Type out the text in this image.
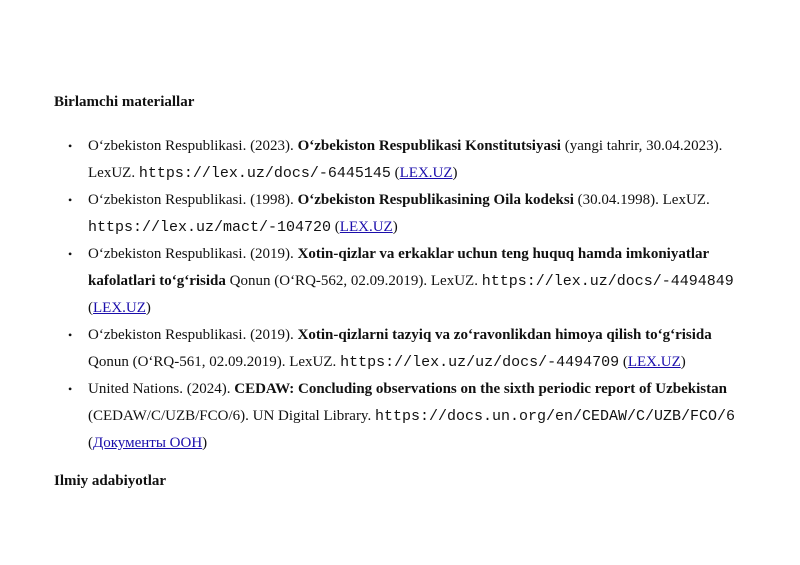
Birlamchi materiallar
• O‘zbekiston Respublikasi. (2023). O‘zbekiston Respublikasi Konstitutsiyasi (yangi tahrir, 30.04.2023). LexUZ. https://lex.uz/docs/-6445145 (LEX.UZ)
• O‘zbekiston Respublikasi. (1998). O‘zbekiston Respublikasining Oila kodeksi (30.04.1998). LexUZ. https://lex.uz/mact/-104720 (LEX.UZ)
• O‘zbekiston Respublikasi. (2019). Xotin-qizlar va erkaklar uchun teng huquq hamda imkoniyatlar kafolatlari to‘g‘risida Qonun (O‘RQ-562, 02.09.2019). LexUZ. https://lex.uz/docs/-4494849 (LEX.UZ)
• O‘zbekiston Respublikasi. (2019). Xotin-qizlarni tazyiq va zo‘ravonlikdan himoya qilish to‘g‘risida Qonun (O‘RQ-561, 02.09.2019). LexUZ. https://lex.uz/uz/docs/-4494709 (LEX.UZ)
• United Nations. (2024). CEDAW: Concluding observations on the sixth periodic report of Uzbekistan (CEDAW/C/UZB/FCO/6). UN Digital Library. https://docs.un.org/en/CEDAW/C/UZB/FCO/6 (Документы ООН)
Ilmiy adabiyotlar
